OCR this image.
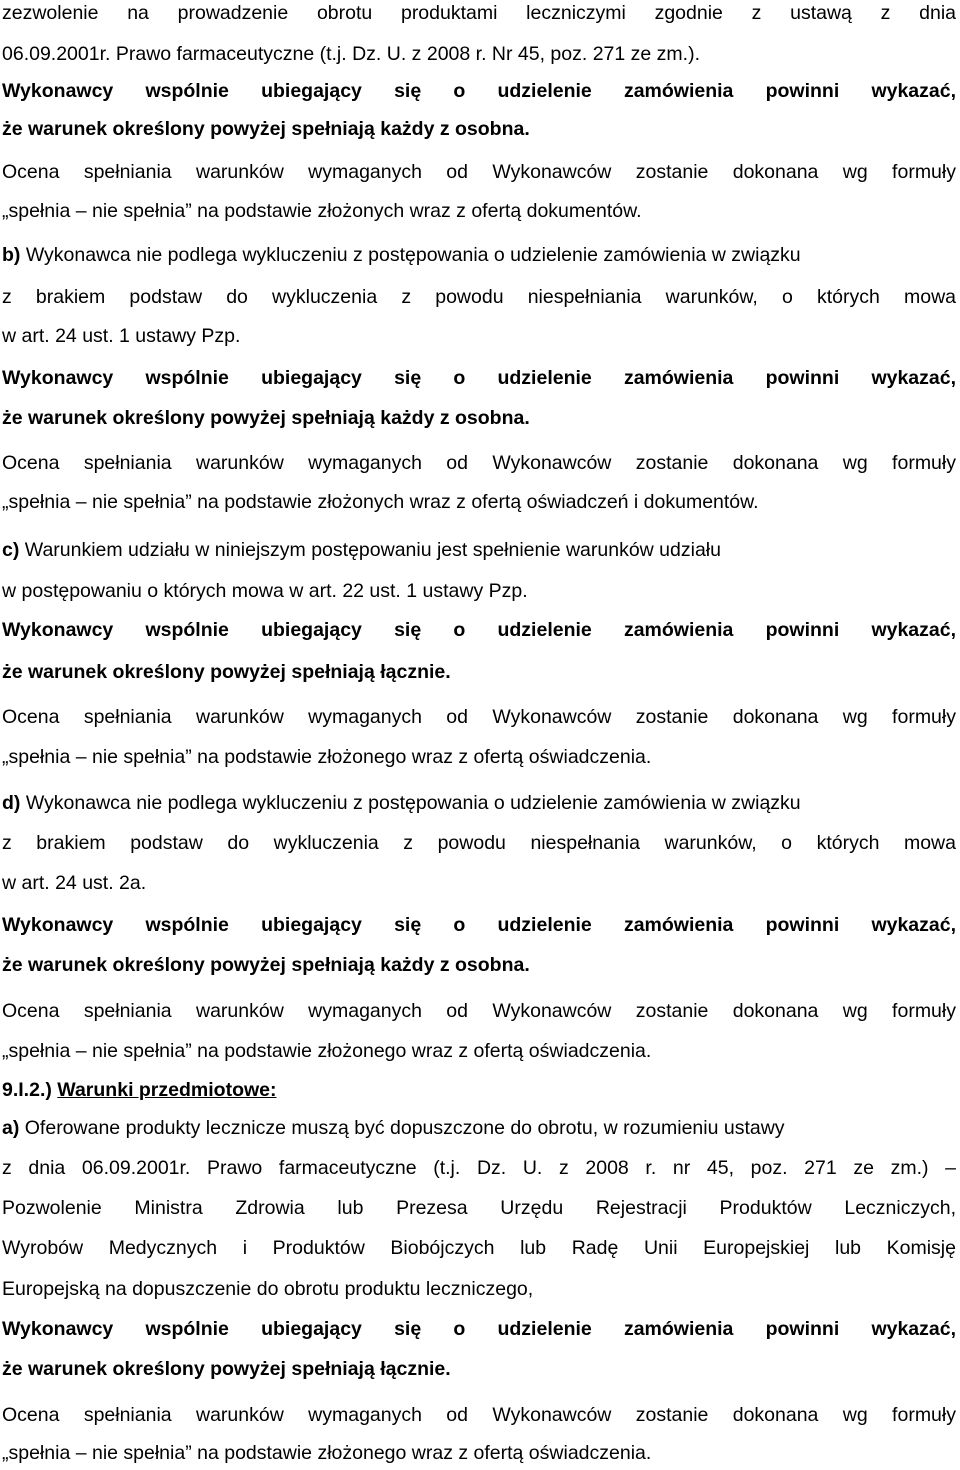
zezwolenie na prowadzenie obrotu produktami leczniczymi zgodnie z ustawą z dnia
06.09.2001r. Prawo farmaceutyczne (t.j. Dz. U. z 2008 r. Nr 45, poz. 271 ze zm.).
Wykonawcy wspólnie ubiegający się o udzielenie zamówienia powinni wykazać,
że warunek określony powyżej spełniają każdy z osobna.
Ocena spełniania warunków wymaganych od Wykonawców zostanie dokonana wg formuły
„spełnia – nie spełnia” na podstawie złożonych wraz z ofertą dokumentów.
b) Wykonawca nie podlega wykluczeniu z postępowania o udzielenie zamówienia w związku
z brakiem podstaw do wykluczenia z powodu niespełniania warunków, o których mowa
w art. 24 ust. 1 ustawy Pzp.
Wykonawcy wspólnie ubiegający się o udzielenie zamówienia powinni wykazać,
że warunek określony powyżej spełniają każdy z osobna.
Ocena spełniania warunków wymaganych od Wykonawców zostanie dokonana wg formuły
„spełnia – nie spełnia” na podstawie złożonych wraz z ofertą oświadczeń i dokumentów.
c) Warunkiem udziału w niniejszym postępowaniu jest spełnienie warunków udziału
w postępowaniu o których mowa w art. 22 ust. 1 ustawy Pzp.
Wykonawcy wspólnie ubiegający się o udzielenie zamówienia powinni wykazać,
że warunek określony powyżej spełniają łącznie.
Ocena spełniania warunków wymaganych od Wykonawców zostanie dokonana wg formuły
„spełnia – nie spełnia” na podstawie złożonego wraz z ofertą oświadczenia.
d) Wykonawca nie podlega wykluczeniu z postępowania o udzielenie zamówienia w związku
z brakiem podstaw do wykluczenia z powodu niespełnania warunków, o których mowa
w art. 24 ust. 2a.
Wykonawcy wspólnie ubiegający się o udzielenie zamówienia powinni wykazać,
że warunek określony powyżej spełniają każdy z osobna.
Ocena spełniania warunków wymaganych od Wykonawców zostanie dokonana wg formuły
„spełnia – nie spełnia” na podstawie złożonego wraz z ofertą oświadczenia.
9.I.2.) Warunki przedmiotowe:
a) Oferowane produkty lecznicze muszą być dopuszczone do obrotu, w rozumieniu ustawy
z dnia 06.09.2001r. Prawo farmaceutyczne (t.j. Dz. U. z 2008 r. nr 45, poz. 271 ze zm.) –
Pozwolenie Ministra Zdrowia lub Prezesa Urzędu Rejestracji Produktów Leczniczych,
Wyrobów Medycznych i Produktów Biobójczych lub Radę Unii Europejskiej lub Komisję
Europejską na dopuszczenie do obrotu produktu leczniczego,
Wykonawcy wspólnie ubiegający się o udzielenie zamówienia powinni wykazać,
że warunek określony powyżej spełniają łącznie.
Ocena spełniania warunków wymaganych od Wykonawców zostanie dokonana wg formuły
„spełnia – nie spełnia” na podstawie złożonego wraz z ofertą oświadczenia.
